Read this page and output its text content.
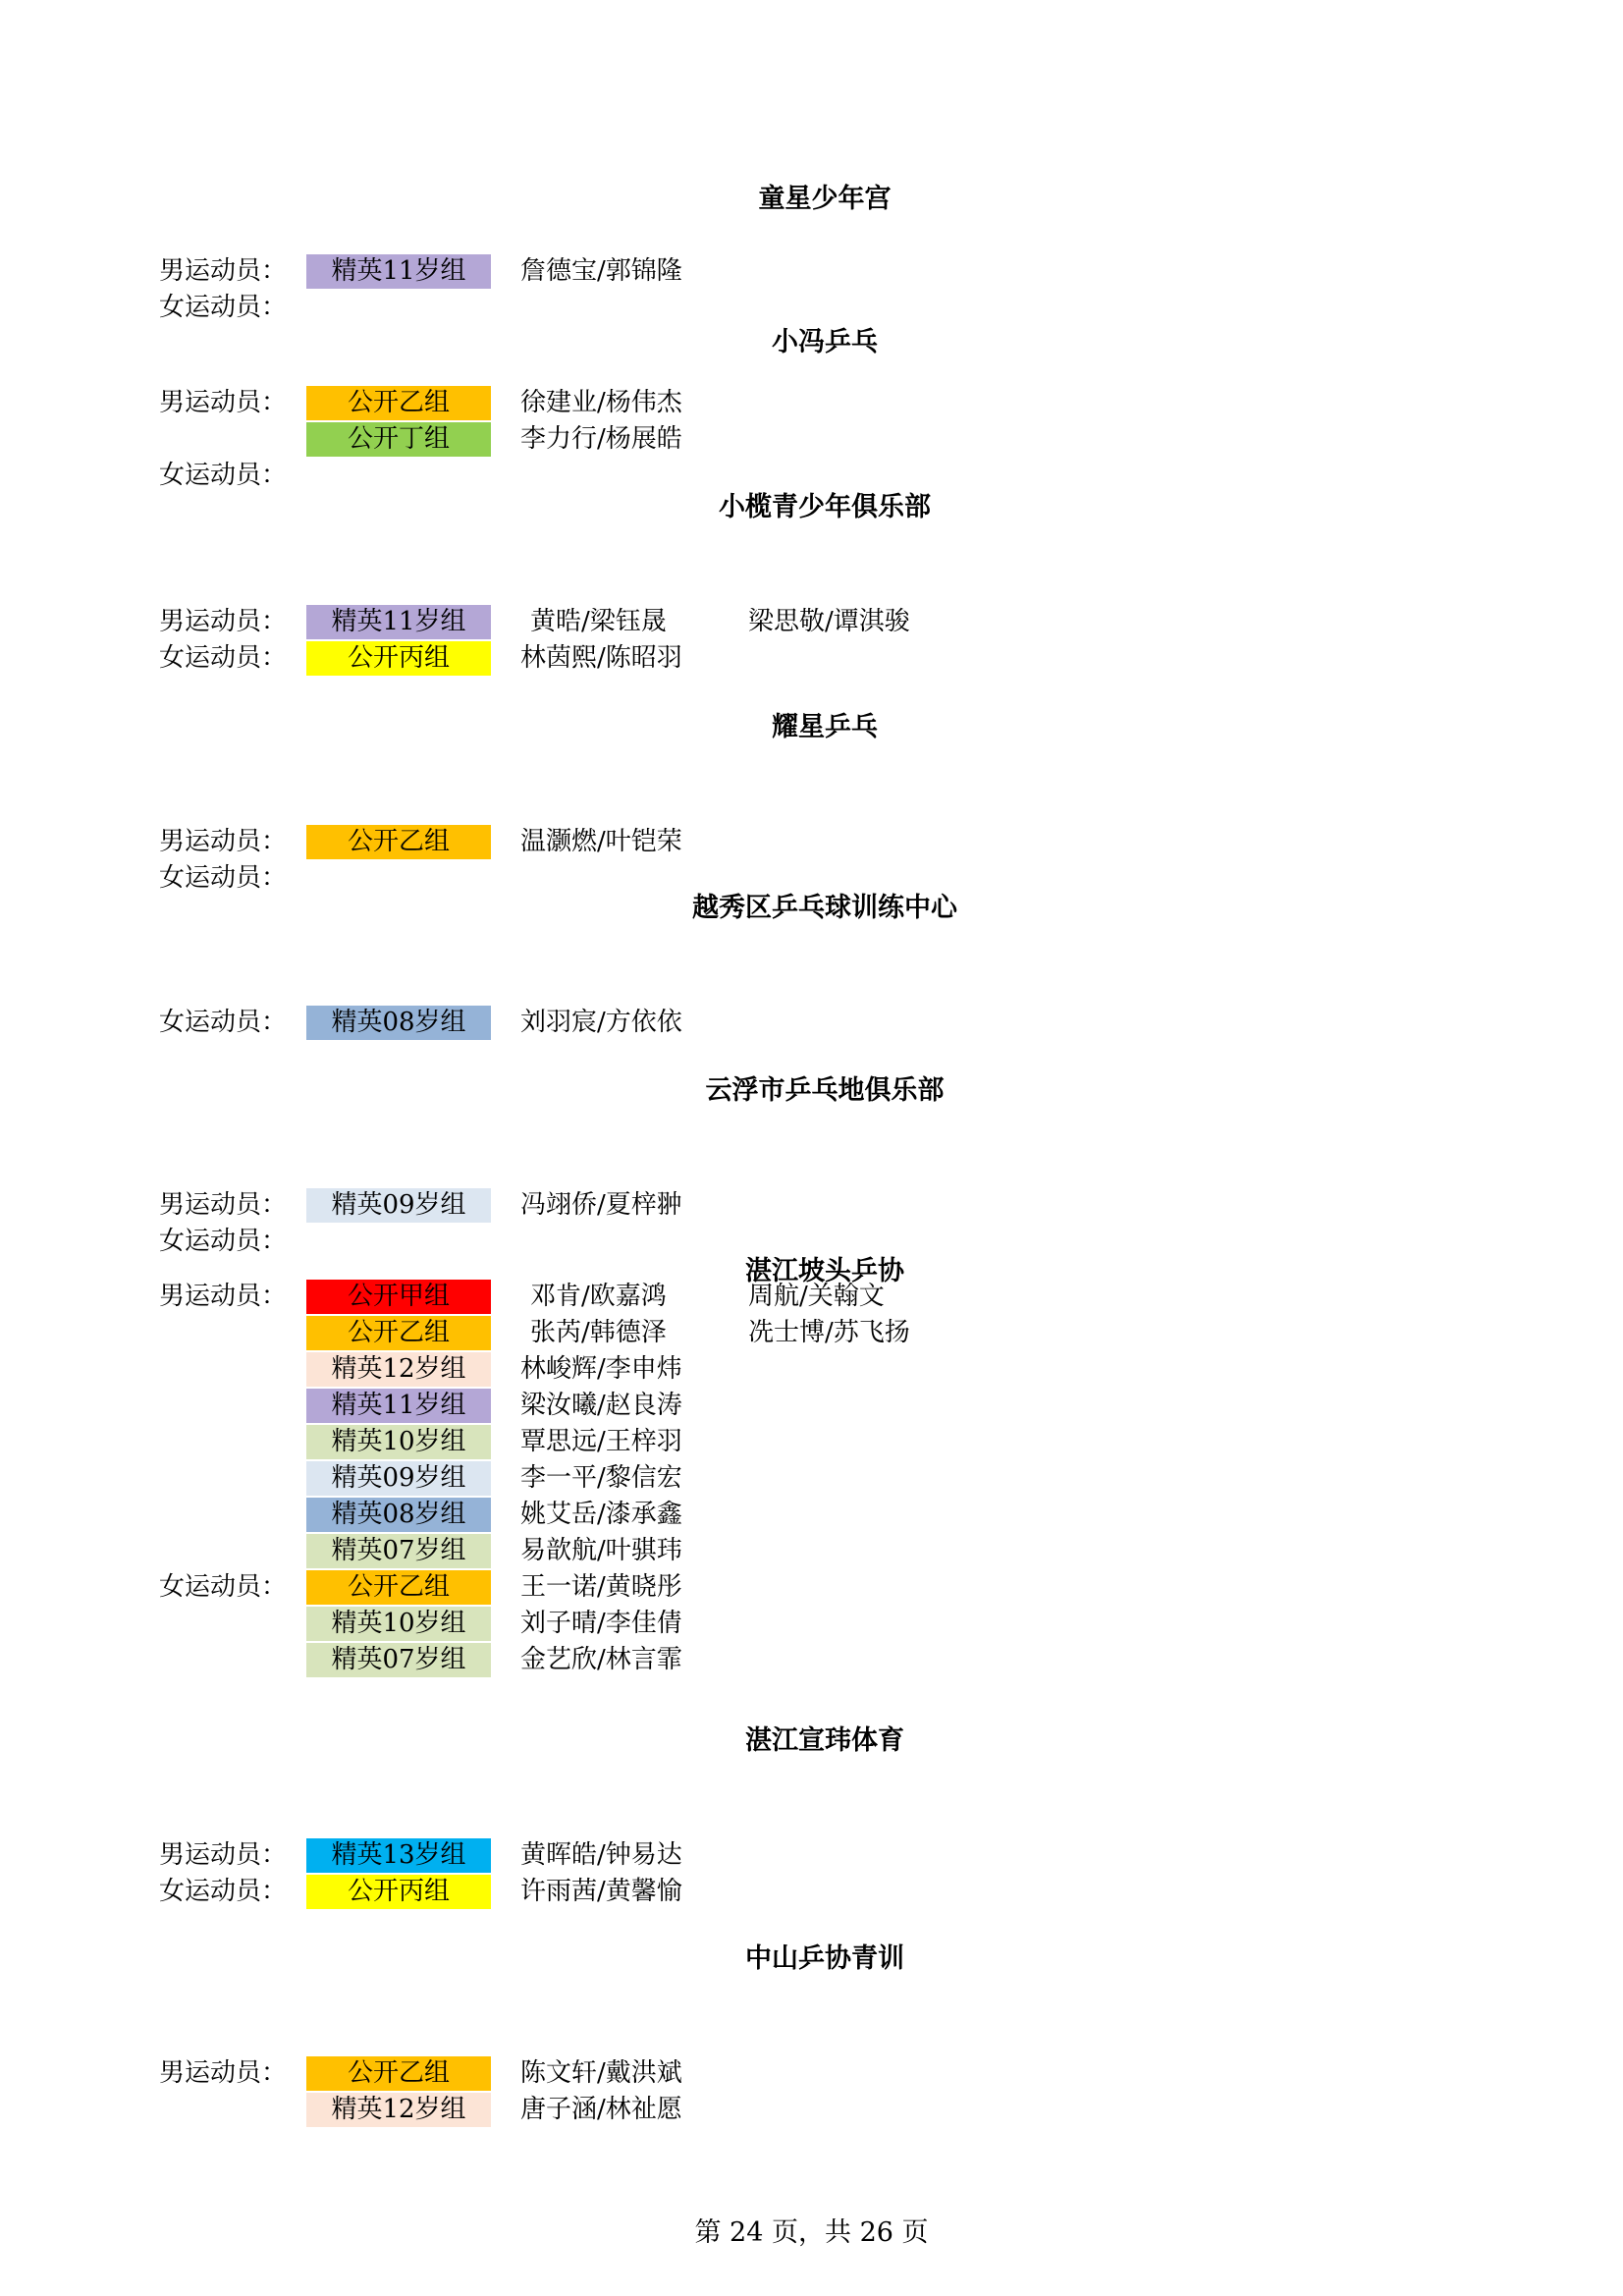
童星少年宫
男运动员：	精英11岁组	詹德宝/郭锦隆
女运动员：
小冯乒乓
男运动员：	公开乙组	徐建业/杨伟杰
公开丁组	李力行/杨展皓
女运动员：
小榄青少年俱乐部
男运动员：	精英11岁组	黄晧/梁钰晟	梁思敬/谭淇骏
女运动员：	公开丙组	林茵熙/陈昭羽
耀星乒乓
男运动员：	公开乙组	温灏燃/叶铠荣
女运动员：
越秀区乒乓球训练中心
女运动员：	精英08岁组	刘羽宸/方依依
云浮市乒乓地俱乐部
男运动员：	精英09岁组	冯翊侨/夏梓翀
女运动员：
湛江坡头乒协
男运动员：	公开甲组	邓肯/欧嘉鸿	周航/关翰文
公开乙组	张芮/韩德泽	冼士博/苏飞扬
精英12岁组	林峻辉/李申炜
精英11岁组	梁汝曦/赵良涛
精英10岁组	覃思远/王梓羽
精英09岁组	李一平/黎信宏
精英08岁组	姚艾岳/漆承鑫
精英07岁组	易歆航/叶骐玮
女运动员：	公开乙组	王一诺/黄晓彤
精英10岁组	刘子晴/李佳倩
精英07岁组	金艺欣/林言霏
湛江宣玮体育
男运动员：	精英13岁组	黄晖皓/钟易达
女运动员：	公开丙组	许雨茜/黄馨愉
中山乒协青训
男运动员：	公开乙组	陈文轩/戴洪斌
精英12岁组	唐子涵/林祉愿
第 24 页，共 26 页
